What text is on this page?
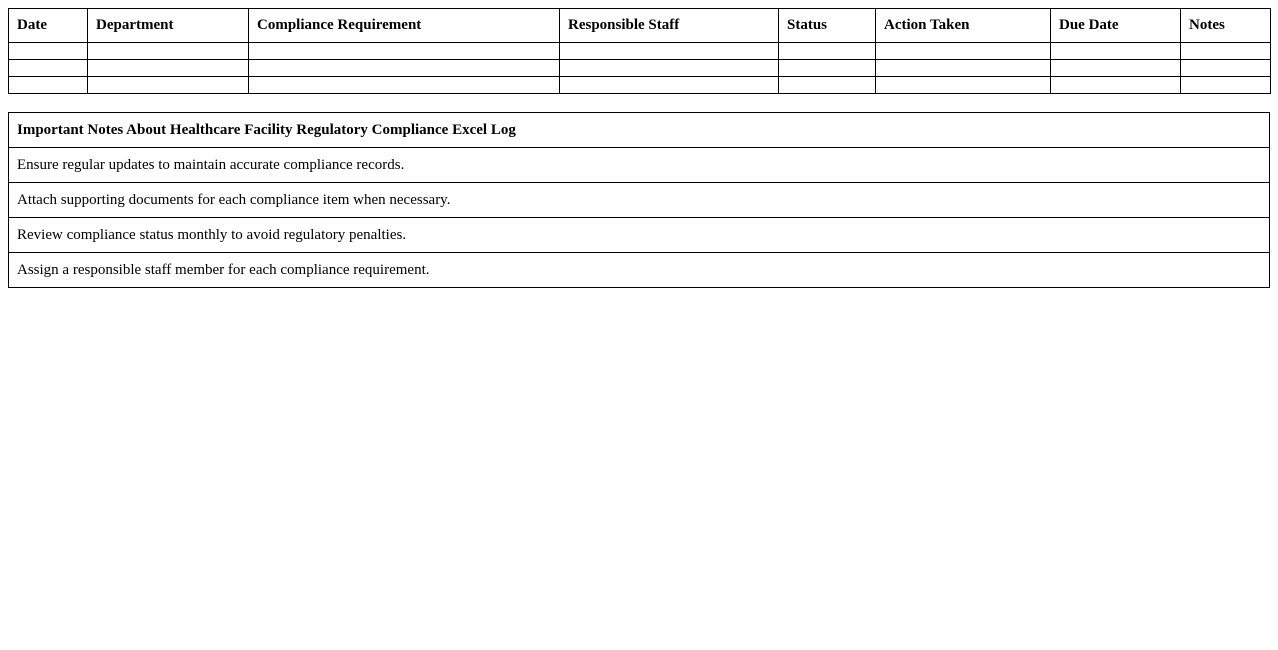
Date	Department	Compliance Requirement	Responsible Staff	Status	Action Taken	Due Date	Notes

Important Notes About Healthcare Facility Regulatory Compliance Excel Log
Ensure regular updates to maintain accurate compliance records.
Attach supporting documents for each compliance item when necessary.
Review compliance status monthly to avoid regulatory penalties.
Assign a responsible staff member for each compliance requirement.
